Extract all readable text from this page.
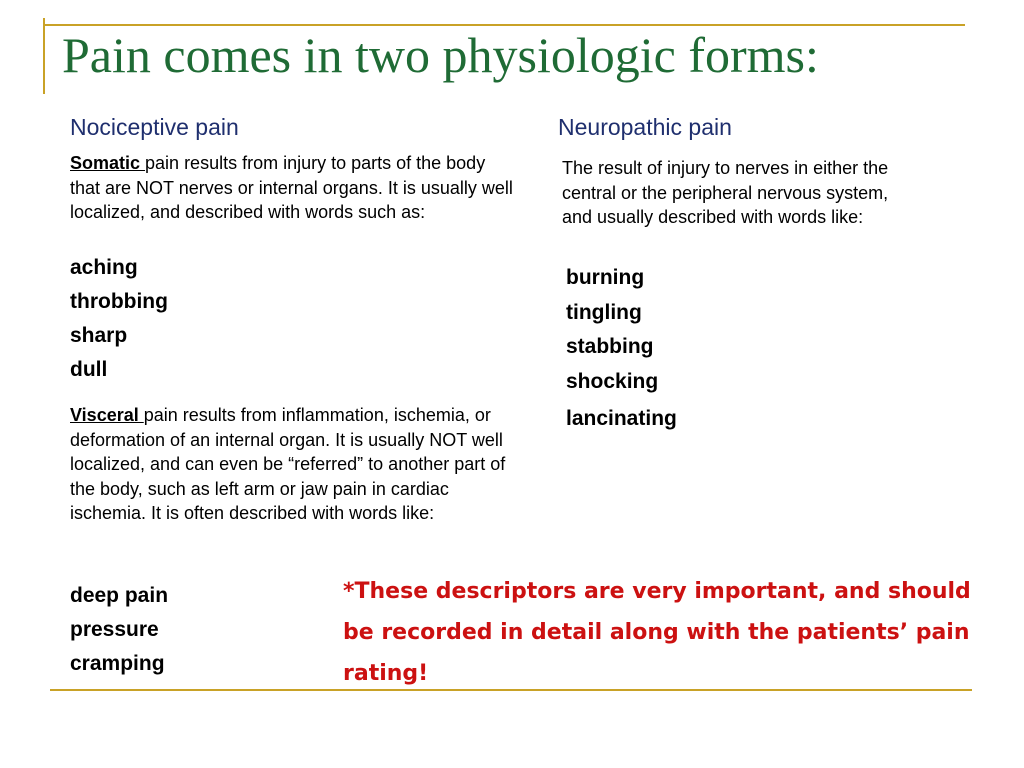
Pain comes in two physiologic forms:
Nociceptive pain	Neuropathic pain
Somatic pain results from injury to parts of the body that are NOT nerves or internal organs. It is usually well localized, and described with words such as:
aching
throbbing
sharp
dull
Visceral pain results from inflammation, ischemia, or deformation of an internal organ. It is usually NOT well localized, and can even be “referred” to another part of the body, such as left arm or jaw pain in cardiac ischemia. It is often described with words like:
deep pain
pressure
cramping
The result of injury to nerves in either the central or the peripheral nervous system, and usually described with words like:
burning
tingling
stabbing
shocking
lancinating
*These descriptors are very important, and should be recorded in detail along with the patients’ pain rating!
